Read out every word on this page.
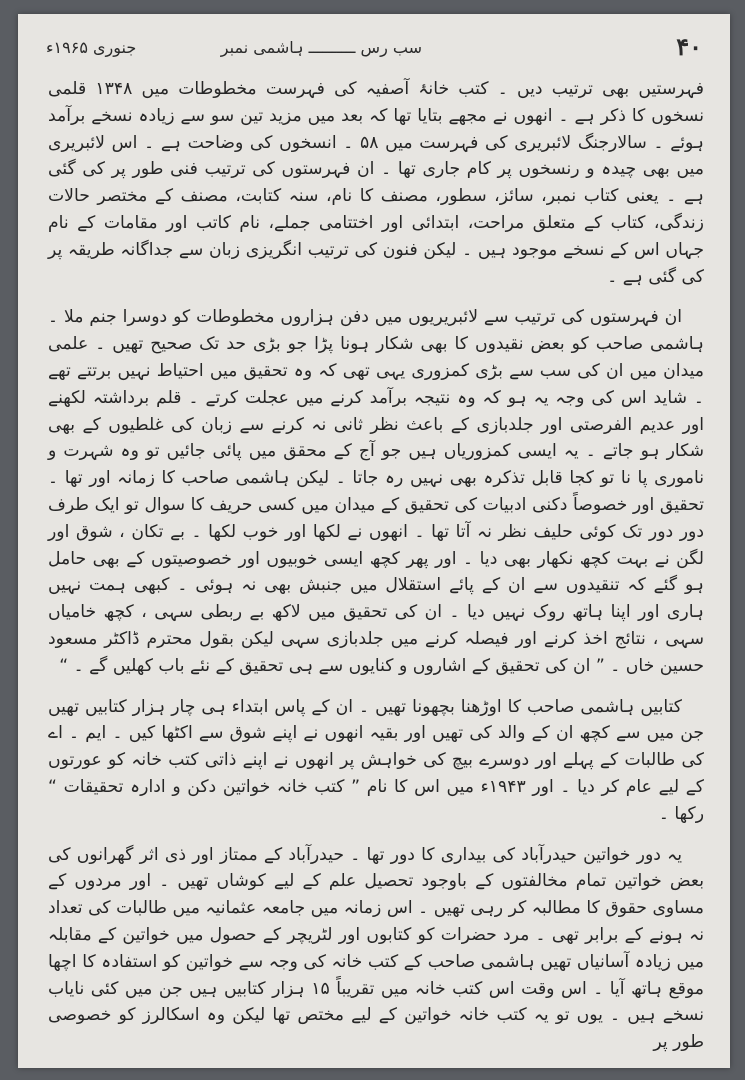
۴۰
سب رس ــــــــــ ہاشمی نمبر
جنوری ۱۹۶۵ء

فہرستیں بھی ترتیب دیں ۔ کتب خانۂ آصفیہ کی فہرست مخطوطات میں ۱۳۴۸ قلمی نسخوں کا ذکر ہے ۔ انھوں نے مجھے بتایا تھا کہ بعد میں مزید تین سو سے زیادہ نسخے برآمد ہوئے ۔ سالارجنگ لائبریری کی فہرست میں ۵۸ ۔ انسخوں کی وضاحت ہے ۔ اس لائبریری میں بھی چیدہ و رنسخوں پر کام جاری تھا ۔ ان فہرستوں کی ترتیب فنی طور پر کی گئی ہے ۔ یعنی کتاب نمبر، سائز، سطور، مصنف کا نام، سنہ کتابت، مصنف کے مختصر حالات زندگی، کتاب کے متعلق مراحت، ابتدائی اور اختتامی جملے، نام کاتب اور مقامات کے نام جہاں اس کے نسخے موجود ہیں ۔ لیکن فنون کی ترتیب انگریزی زبان سے جداگانہ طریقہ پر کی گئی ہے ۔

ان فہرستوں کی ترتیب سے لائبریریوں میں دفن ہزاروں مخطوطات کو دوسرا جنم ملا ۔ ہاشمی صاحب کو بعض نقیدوں کا بھی شکار ہونا پڑا جو بڑی حد تک صحیح تھیں ۔ علمی میدان میں ان کی سب سے بڑی کمزوری یہی تھی کہ وہ تحقیق میں احتیاط نہیں برتتے تھے ۔ شاید اس کی وجہ یہ ہو کہ وہ نتیجہ برآمد کرنے میں عجلت کرتے ۔ قلم برداشتہ لکھنے اور عدیم الفرصتی اور جلدبازی کے باعث نظر ثانی نہ کرنے سے زبان کی غلطیوں کے بھی شکار ہو جاتے ۔ یہ ایسی کمزوریاں ہیں جو آج کے محقق میں پائی جائیں تو وہ شہرت و ناموری پا نا تو کجا قابل تذکرہ بھی نہیں رہ جاتا ۔ لیکن ہاشمی صاحب کا زمانہ اور تھا ۔ تحقیق اور خصوصاً دکنی ادبیات کی تحقیق کے میدان میں کسی حریف کا سوال تو ایک طرف دور دور تک کوئی حلیف نظر نہ آتا تھا ۔ انھوں نے لکھا اور خوب لکھا ۔ بے تکان ، شوق اور لگن نے بہت کچھ نکھار بھی دیا ۔ اور پھر کچھ ایسی خوبیوں اور خصوصیتوں کے بھی حامل ہو گئے کہ تنقیدوں سے ان کے پائے استقلال میں جنبش بھی نہ ہوئی ۔ کبھی ہمت نہیں ہاری اور اپنا ہاتھ روک نہیں دیا ۔ ان کی تحقیق میں لاکھ بے ربطی سہی ، کچھ خامیاں سہی ، نتائج اخذ کرنے اور فیصلہ کرنے میں جلدبازی سہی لیکن بقول محترم ڈاکٹر مسعود حسین خاں ۔ ” ان کی تحقیق کے اشاروں و کنایوں سے ہی تحقیق کے نئے باب کھلیں گے ۔ “

کتابیں ہاشمی صاحب کا اوڑھنا بچھونا تھیں ۔ ان کے پاس ابتداء ہی چار ہزار کتابیں تھیں جن میں سے کچھ ان کے والد کی تھیں اور بقیہ انھوں نے اپنے شوق سے اکٹھا کیں ۔ ایم ۔ اے کی طالبات کے پہلے اور دوسرے بیچ کی خواہش پر انھوں نے اپنے ذاتی کتب خانہ کو عورتوں کے لیے عام کر دیا ۔ اور ۱۹۴۳ء میں اس کا نام ” کتب خانہ خواتین دکن و ادارہ تحقیقات “ رکھا ۔

یہ دور خواتین حیدرآباد کی بیداری کا دور تھا ۔ حیدرآباد کے ممتاز اور ذی اثر گھرانوں کی بعض خواتین تمام مخالفتوں کے باوجود تحصیل علم کے لیے کوشاں تھیں ۔ اور مردوں کے مساوی حقوق کا مطالبہ کر رہی تھیں ۔ اس زمانہ میں جامعہ عثمانیہ میں طالبات کی تعداد نہ ہونے کے برابر تھی ۔ مرد حضرات کو کتابوں اور لٹریچر کے حصول میں خواتین کے مقابلہ میں زیادہ آسانیاں تھیں ہاشمی صاحب کے کتب خانہ کی وجہ سے خواتین کو استفادہ کا اچھا موقع ہاتھ آیا ۔ اس وقت اس کتب خانہ میں تقریباً ۱۵ ہزار کتابیں ہیں جن میں کئی نایاب نسخے ہیں ۔ یوں تو یہ کتب خانہ خواتین کے لیے مختص تھا لیکن وہ اسکالرز کو خصوصی طور پر
